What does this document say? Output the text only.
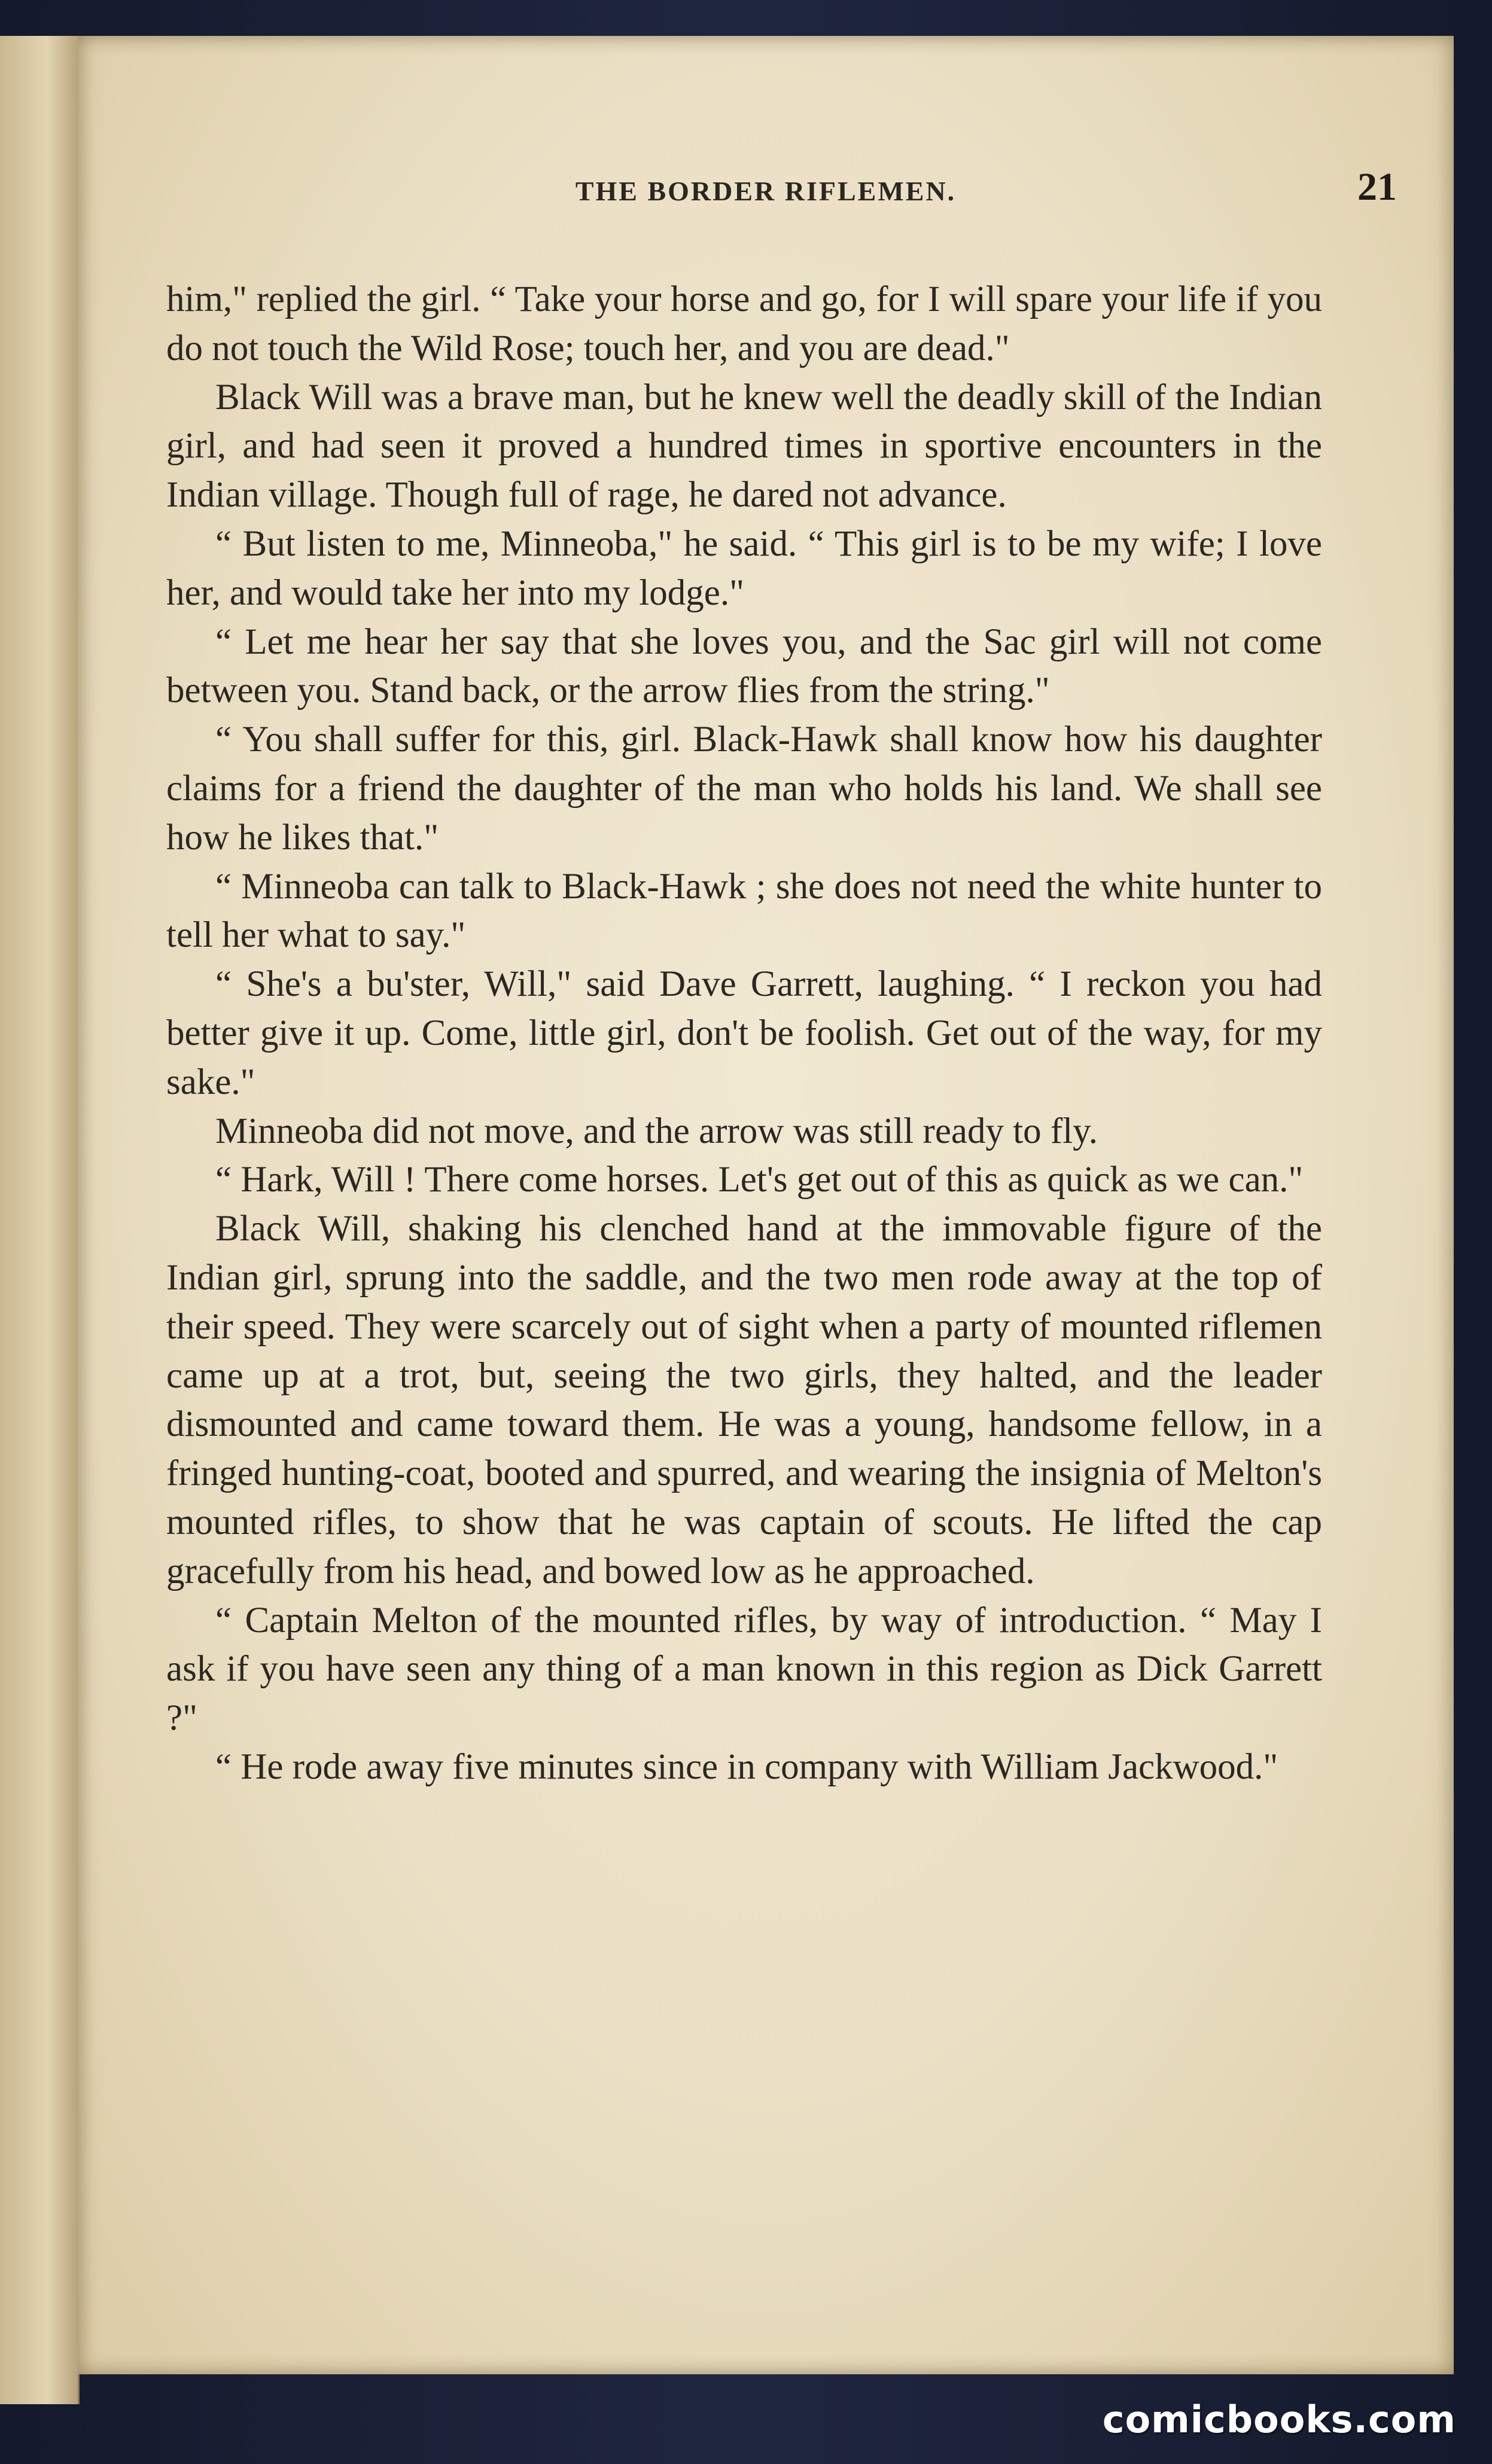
THE BORDER RIFLEMEN.	21

him," replied the girl. “ Take your horse and go, for I will spare your life if you do not touch the Wild Rose; touch her, and you are dead."

Black Will was a brave man, but he knew well the deadly skill of the Indian girl, and had seen it proved a hundred times in sportive encounters in the Indian village. Though full of rage, he dared not advance.

“ But listen to me, Minneoba," he said. “ This girl is to be my wife; I love her, and would take her into my lodge."

“ Let me hear her say that she loves you, and the Sac girl will not come between you. Stand back, or the arrow flies from the string."

“ You shall suffer for this, girl. Black-Hawk shall know how his daughter claims for a friend the daughter of the man who holds his land. We shall see how he likes that."

“ Minneoba can talk to Black-Hawk ; she does not need the white hunter to tell her what to say."

“ She's a bu'ster, Will," said Dave Garrett, laughing. “ I reckon you had better give it up. Come, little girl, don't be foolish. Get out of the way, for my sake."

Minneoba did not move, and the arrow was still ready to fly.

“ Hark, Will ! There come horses. Let's get out of this as quick as we can."

Black Will, shaking his clenched hand at the immovable figure of the Indian girl, sprung into the saddle, and the two men rode away at the top of their speed. They were scarcely out of sight when a party of mounted riflemen came up at a trot, but, seeing the two girls, they halted, and the leader dismounted and came toward them. He was a young, handsome fellow, in a fringed hunting-coat, booted and spurred, and wearing the insignia of Melton's mounted rifles, to show that he was captain of scouts. He lifted the cap gracefully from his head, and bowed low as he approached.

“ Captain Melton of the mounted rifles, by way of introduction. “ May I ask if you have seen any thing of a man known in this region as Dick Garrett ?"

“ He rode away five minutes since in company with William Jackwood."

comicbooks.com
